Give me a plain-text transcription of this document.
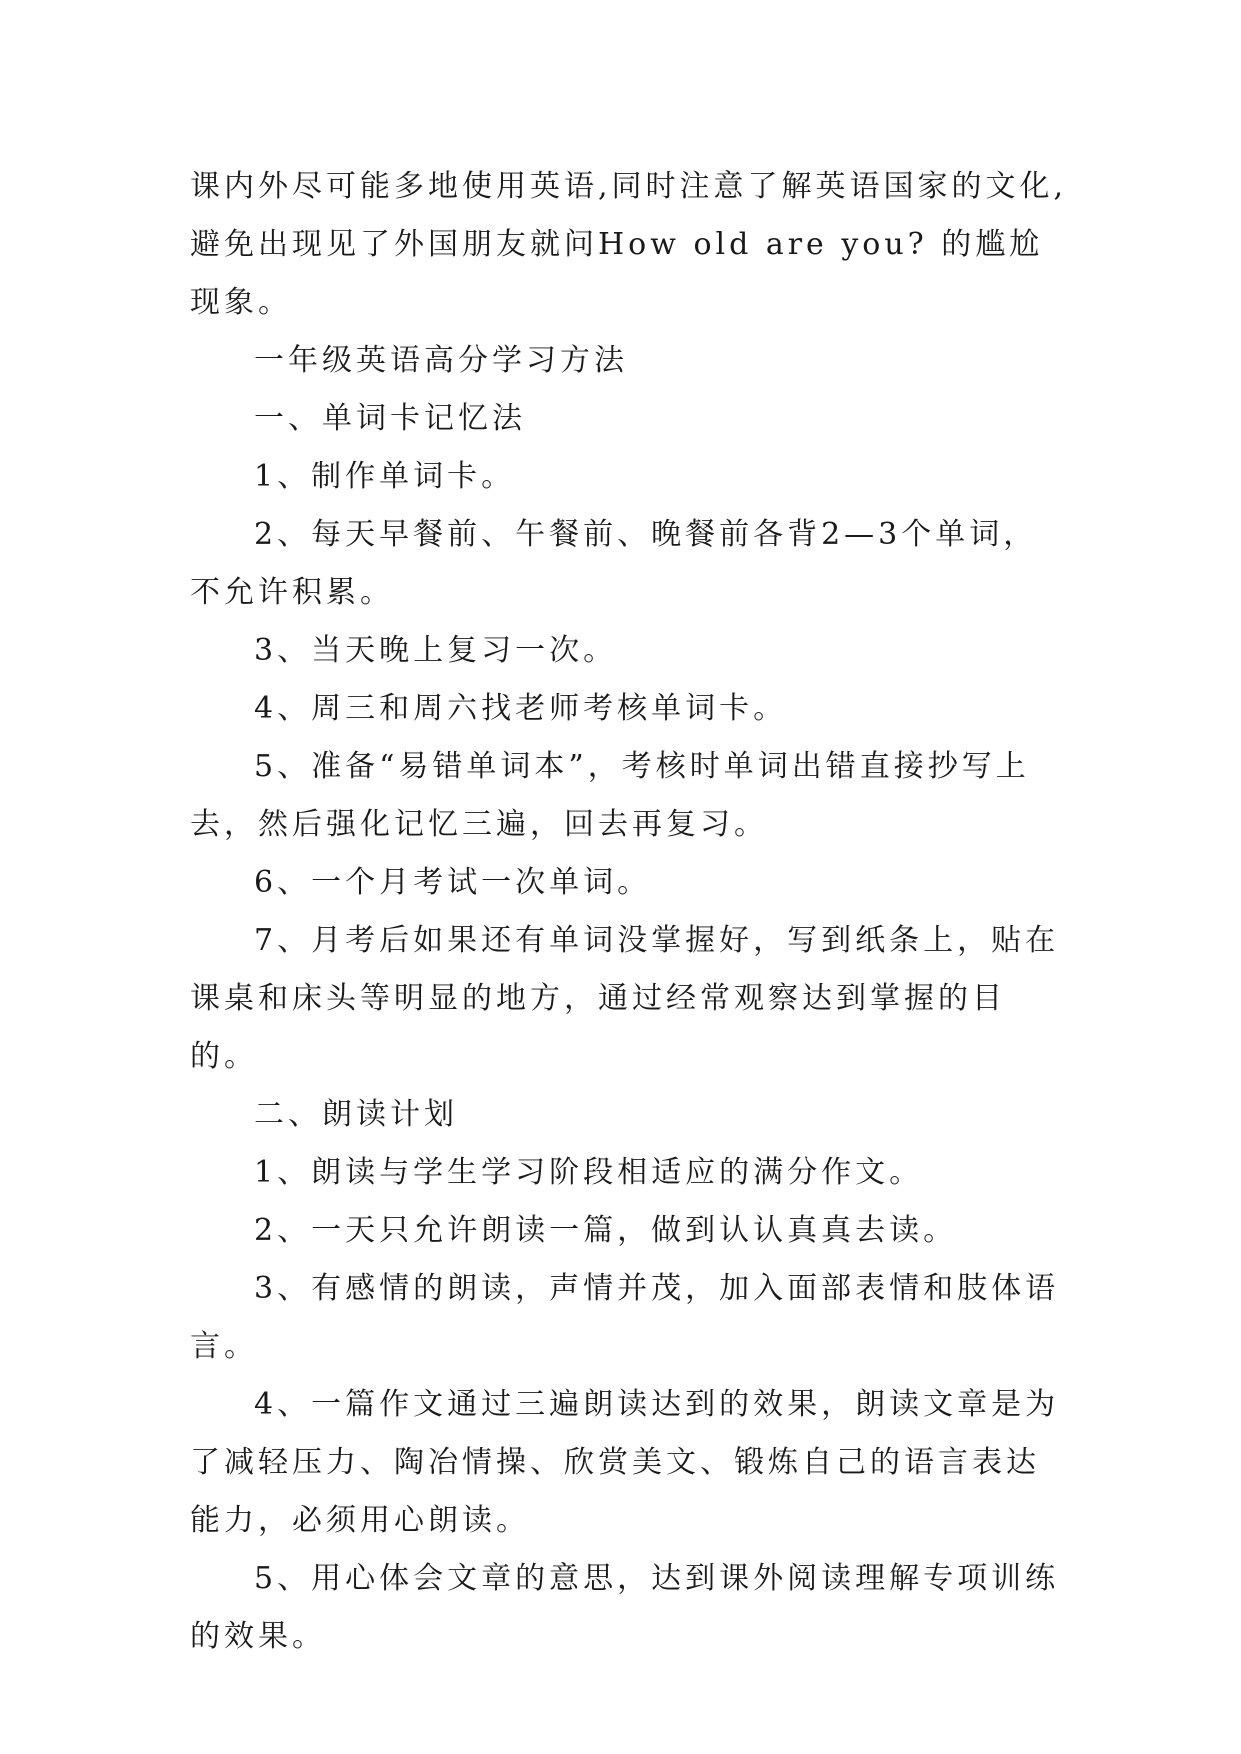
课内外尽可能多地使用英语,同时注意了解英语国家的文化,避免出现见了外国朋友就问How old are you? 的尴尬现象。

一年级英语高分学习方法

一、单词卡记忆法

1、制作单词卡。

2、每天早餐前、午餐前、晚餐前各背2—3个单词，不允许积累。

3、当天晚上复习一次。

4、周三和周六找老师考核单词卡。

5、准备“易错单词本”，考核时单词出错直接抄写上去，然后强化记忆三遍，回去再复习。

6、一个月考试一次单词。

7、月考后如果还有单词没掌握好，写到纸条上，贴在课桌和床头等明显的地方，通过经常观察达到掌握的目的。

二、朗读计划

1、朗读与学生学习阶段相适应的满分作文。

2、一天只允许朗读一篇，做到认认真真去读。

3、有感情的朗读，声情并茂，加入面部表情和肢体语言。

4、一篇作文通过三遍朗读达到的效果，朗读文章是为了减轻压力、陶冶情操、欣赏美文、锻炼自己的语言表达能力，必须用心朗读。

5、用心体会文章的意思，达到课外阅读理解专项训练的效果。
